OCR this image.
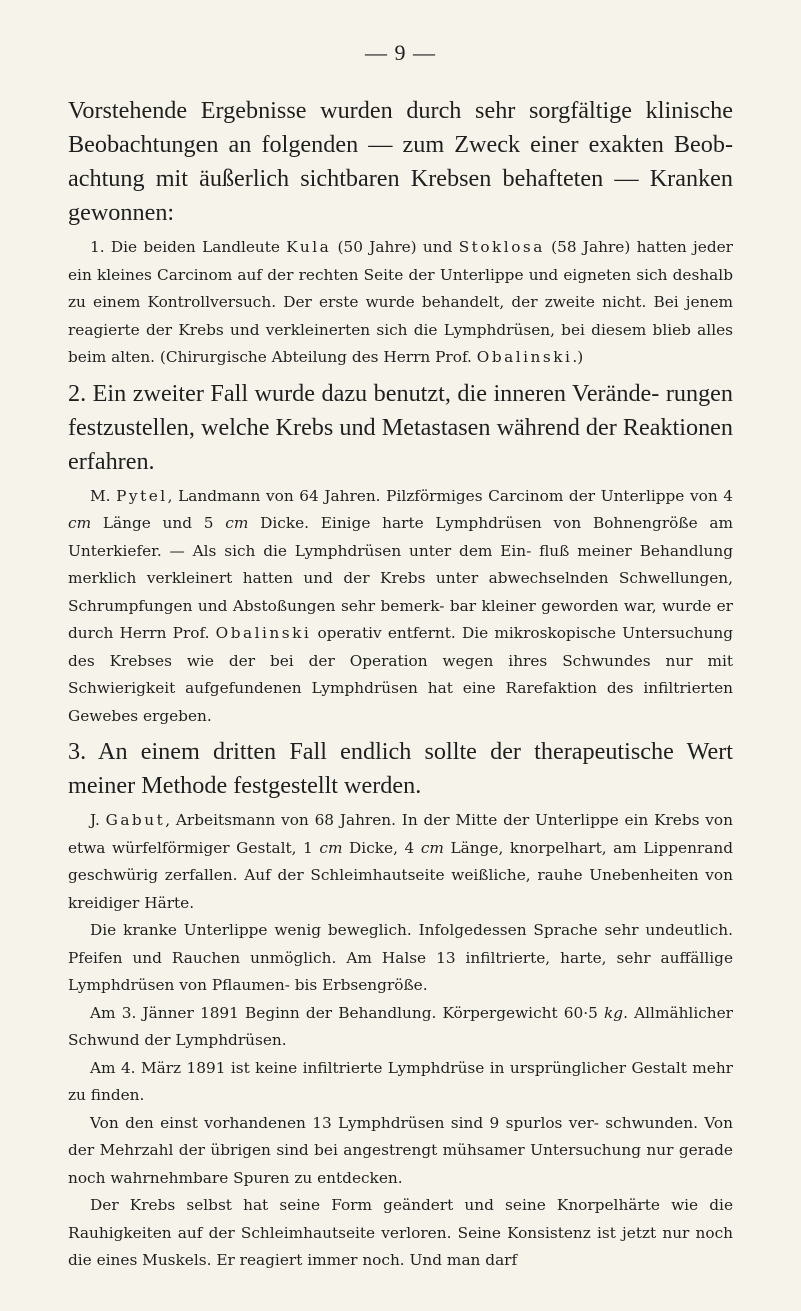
— 9 —

Vorstehende Ergebnisse wurden durch sehr sorgfältige klinische Beobachtungen an folgenden — zum Zweck einer exakten Beob- achtung mit äußerlich sichtbaren Krebsen behafteten — Kranken gewonnen:

1. Die beiden Landleute Kula (50 Jahre) und Stoklosa (58 Jahre) hatten jeder ein kleines Carcinom auf der rechten Seite der Unterlippe und eigneten sich deshalb zu einem Kontrollversuch. Der erste wurde behandelt, der zweite nicht. Bei jenem reagierte der Krebs und verkleinerten sich die Lymphdrüsen, bei diesem blieb alles beim alten. (Chirurgische Abteilung des Herrn Prof. Obalinski.)

2. Ein zweiter Fall wurde dazu benutzt, die inneren Verände- rungen festzustellen, welche Krebs und Metastasen während der Reaktionen erfahren.

M. Pytel, Landmann von 64 Jahren. Pilzförmiges Carcinom der Unterlippe von 4 cm Länge und 5 cm Dicke. Einige harte Lymphdrüsen von Bohnengröße am Unterkiefer. — Als sich die Lymphdrüsen unter dem Ein- fluß meiner Behandlung merklich verkleinert hatten und der Krebs unter abwechselnden Schwellungen, Schrumpfungen und Abstoßungen sehr bemerk- bar kleiner geworden war, wurde er durch Herrn Prof. Obalinski operativ entfernt. Die mikroskopische Untersuchung des Krebses wie der bei der Operation wegen ihres Schwundes nur mit Schwierigkeit aufgefundenen Lymphdrüsen hat eine Rarefaktion des infiltrierten Gewebes ergeben.

3. An einem dritten Fall endlich sollte der therapeutische Wert meiner Methode festgestellt werden.

J. Gabut, Arbeitsmann von 68 Jahren. In der Mitte der Unterlippe ein Krebs von etwa würfelförmiger Gestalt, 1 cm Dicke, 4 cm Länge, knorpelhart, am Lippenrand geschwürig zerfallen. Auf der Schleimhautseite weißliche, rauhe Unebenheiten von kreidiger Härte.

Die kranke Unterlippe wenig beweglich. Infolgedessen Sprache sehr undeutlich. Pfeifen und Rauchen unmöglich. Am Halse 13 infiltrierte, harte, sehr auffällige Lymphdrüsen von Pflaumen- bis Erbsengröße.

Am 3. Jänner 1891 Beginn der Behandlung. Körpergewicht 60·5 kg. Allmählicher Schwund der Lymphdrüsen.

Am 4. März 1891 ist keine infiltrierte Lymphdrüse in ursprünglicher Gestalt mehr zu finden.

Von den einst vorhandenen 13 Lymphdrüsen sind 9 spurlos ver- schwunden. Von der Mehrzahl der übrigen sind bei angestrengt mühsamer Untersuchung nur gerade noch wahrnehmbare Spuren zu entdecken.

Der Krebs selbst hat seine Form geändert und seine Knorpelhärte wie die Rauhigkeiten auf der Schleimhautseite verloren. Seine Konsistenz ist jetzt nur noch die eines Muskels. Er reagiert immer noch. Und man darf
